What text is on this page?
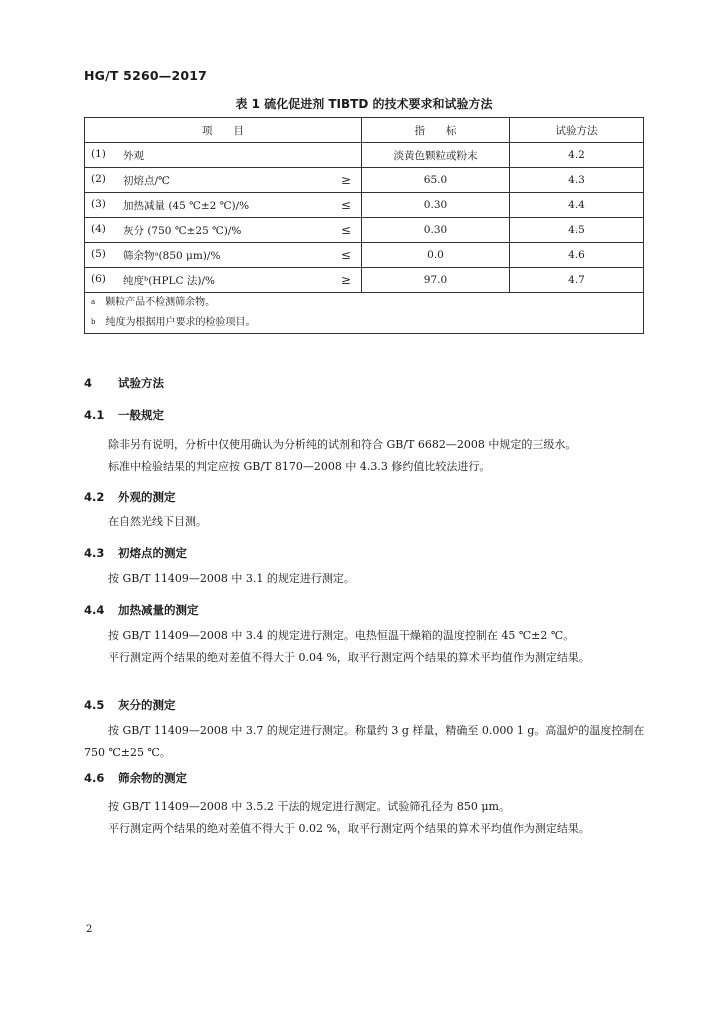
HG/T 5260—2017
表 1 硫化促进剂 TIBTD 的技术要求和试验方法
项　　目	指　　标	试验方法

(1) 外观	淡黄色颗粒或粉末	4.2

(2) 初熔点/℃ ≥	65.0	4.3

(3) 加热减量 (45 ℃±2 ℃)/% ≤	0.30	4.4

(4) 灰分 (750 ℃±25 ℃)/% ≤	0.30	4.5

(5) 筛余物ᵃ(850 μm)/% ≤	0.0	4.6

(6) 纯度ᵇ(HPLC 法)/% ≥	97.0	4.7

$^a$ 颗粒产品不检测筛余物。
$^b$ 纯度为根据用户要求的检验项目。		
4 试验方法
4.1 一般规定
除非另有说明，分析中仅使用确认为分析纯的试剂和符合 GB/T 6682—2008 中规定的三级水。
标准中检验结果的判定应按 GB/T 8170—2008 中 4.3.3 修约值比较法进行。
4.2 外观的测定
在自然光线下目测。
4.3 初熔点的测定
按 GB/T 11409—2008 中 3.1 的规定进行测定。
4.4 加热减量的测定
按 GB/T 11409—2008 中 3.4 的规定进行测定。电热恒温干燥箱的温度控制在 45 ℃±2 ℃。
平行测定两个结果的绝对差值不得大于 0.04 %，取平行测定两个结果的算术平均值作为测定结果。
4.5 灰分的测定
按 GB/T 11409—2008 中 3.7 的规定进行测定。称量约 3 g 样量，精确至 0.000 1 g。高温炉的温度控制在 750 ℃±25 ℃。
4.6 筛余物的测定
按 GB/T 11409—2008 中 3.5.2 干法的规定进行测定。试验筛孔径为 850 μm。
平行测定两个结果的绝对差值不得大于 0.02 %，取平行测定两个结果的算术平均值作为测定结果。
2
